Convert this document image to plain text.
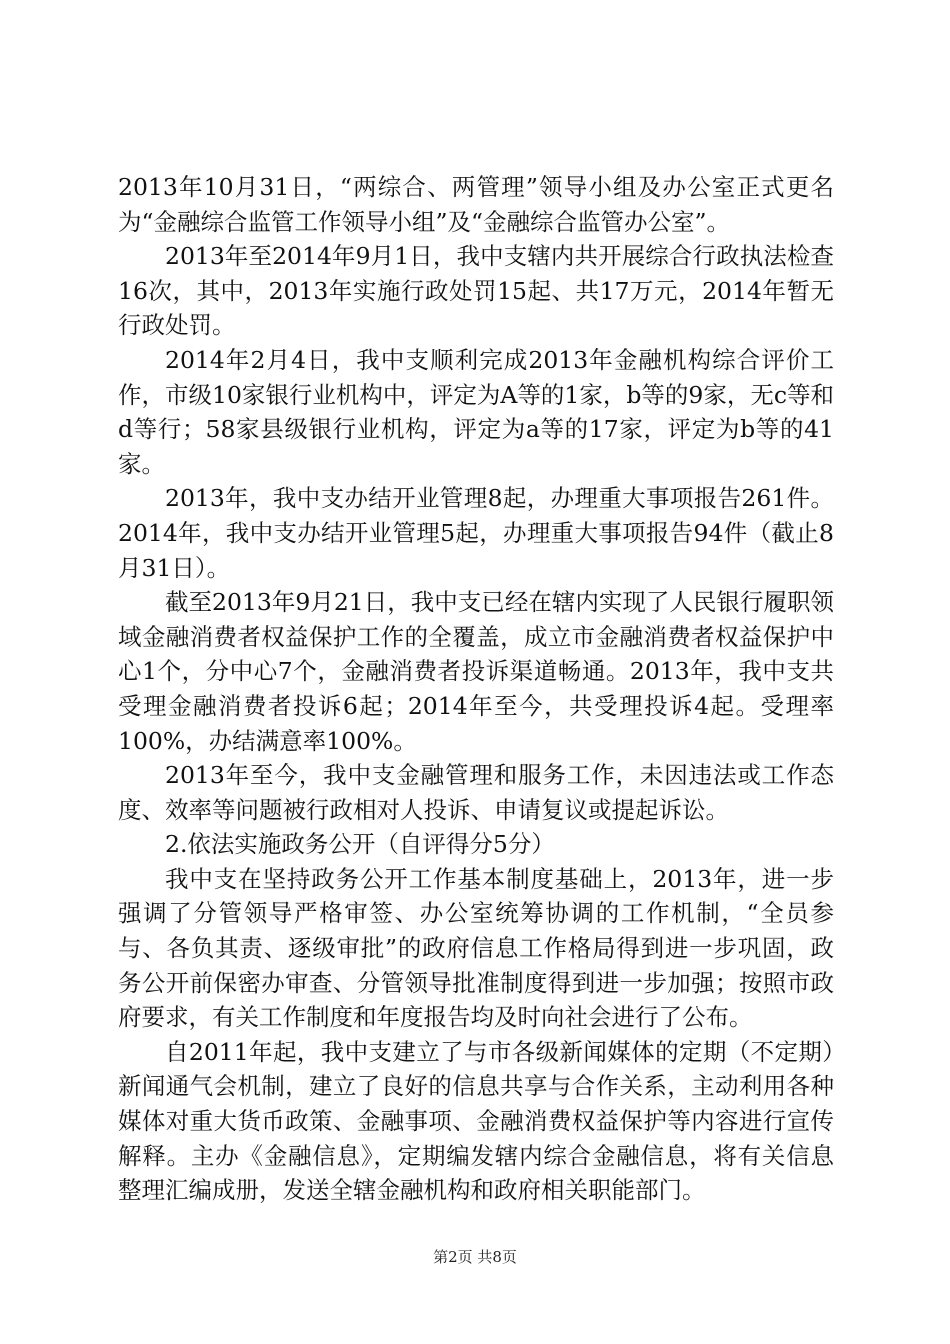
2013年10月31日，“两综合、两管理”领导小组及办公室正式更名为“金融综合监管工作领导小组”及“金融综合监管办公室”。

2013年至2014年9月1日，我中支辖内共开展综合行政执法检查16次，其中，2013年实施行政处罚15起、共17万元，2014年暂无行政处罚。

2014年2月4日，我中支顺利完成2013年金融机构综合评价工作，市级10家银行业机构中，评定为A等的1家，b等的9家，无c等和d等行；58家县级银行业机构，评定为a等的17家，评定为b等的41家。

2013年，我中支办结开业管理8起，办理重大事项报告261件。2014年，我中支办结开业管理5起，办理重大事项报告94件（截止8月31日）。

截至2013年9月21日，我中支已经在辖内实现了人民银行履职领域金融消费者权益保护工作的全覆盖，成立市金融消费者权益保护中心1个，分中心7个，金融消费者投诉渠道畅通。2013年，我中支共受理金融消费者投诉6起；2014年至今，共受理投诉4起。受理率100%，办结满意率100%。

2013年至今，我中支金融管理和服务工作，未因违法或工作态度、效率等问题被行政相对人投诉、申请复议或提起诉讼。

2.依法实施政务公开（自评得分5分）

我中支在坚持政务公开工作基本制度基础上，2013年，进一步强调了分管领导严格审签、办公室统筹协调的工作机制，“全员参与、各负其责、逐级审批”的政府信息工作格局得到进一步巩固，政务公开前保密办审查、分管领导批准制度得到进一步加强；按照市政府要求，有关工作制度和年度报告均及时向社会进行了公布。

自2011年起，我中支建立了与市各级新闻媒体的定期（不定期）新闻通气会机制，建立了良好的信息共享与合作关系，主动利用各种媒体对重大货币政策、金融事项、金融消费权益保护等内容进行宣传解释。主办《金融信息》，定期编发辖内综合金融信息，将有关信息整理汇编成册，发送全辖金融机构和政府相关职能部门。

第2页 共8页
